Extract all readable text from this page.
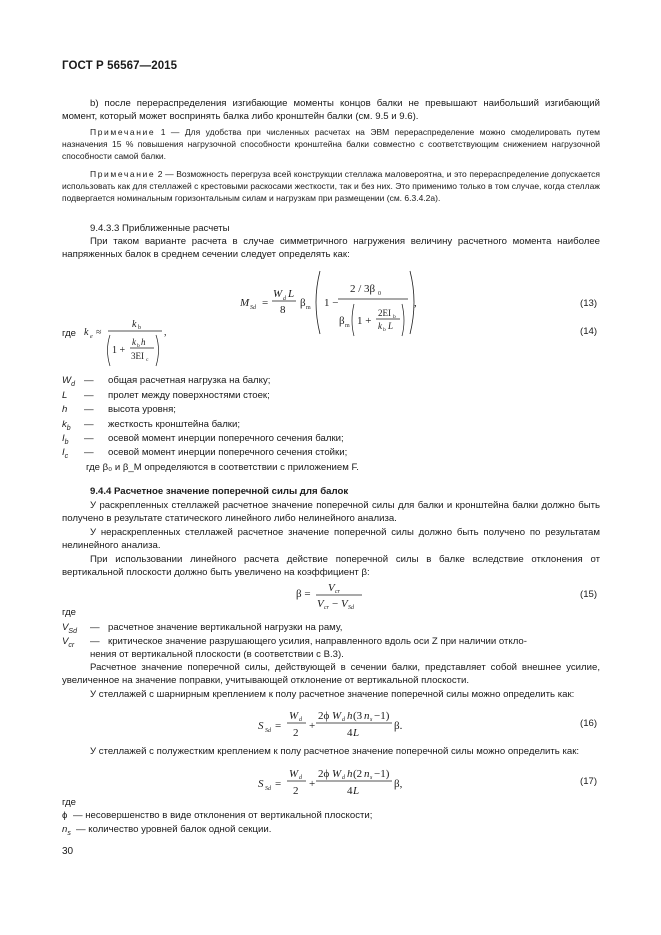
ГОСТ Р 56567—2015
b) после перераспределения изгибающие моменты концов балки не превышают наибольший изгибающий момент, который может воспринять балка либо кронштейн балки (см. 9.5 и 9.6).
Примечание 1 — Для удобства при численных расчетах на ЭВМ перераспределение можно смоделировать путем назначения 15 % повышения нагрузочной способности кронштейна балки совместно с соответствующим снижением нагрузочной способности самой балки.
Примечание 2 — Возможность перегруза всей конструкции стеллажа маловероятна, и это перераспределение допускается использовать как для стеллажей с крестовыми раскосами жесткости, так и без них. Это применимо только в том случае, когда стеллаж подвергается номинальным горизонтальным силам и нагрузкам при размещении (см. 6.3.4.2а).
9.4.3.3 Приближенные расчеты
При таком варианте расчета в случае симметричного нагружения величину расчетного момента наиболее напряженных балок в среднем сечении следует определять как:
M Sd =
W d L
8
β m 1 −
2 / 3β 0
β m 1 +
2EI b
k b L
,	(13)
где k e ≈
k b
1 +
k b h
3EI c
,	(14)
$W_d$ — общая расчетная нагрузка на балку;
L — пролет между поверхностями стоек;
h — высота уровня;
$k_b$ — жесткость кронштейна балки;
$I_b$ — осевой момент инерции поперечного сечения балки;
$I_c$ — осевой момент инерции поперечного сечения стойки;
где β₀ и β_M определяются в соответствии с приложением F.
9.4.4 Расчетное значение поперечной силы для балок
У раскрепленных стеллажей расчетное значение поперечной силы для балки и кронштейна балки должно быть получено в результате статического линейного либо нелинейного анализа.
У нераскрепленных стеллажей расчетное значение поперечной силы должно быть получено по результатам нелинейного анализа.
При использовании линейного расчета действие поперечной силы в балке вследствие отклонения от вертикальной плоскости должно быть увеличено на коэффициент β:
β = V cr
V cr − V Sd
(15)
где
$V_{Sd}$ — расчетное значение вертикальной нагрузки на раму,
$V_{cr}$ — критическое значение разрушающего усилия, направленного вдоль оси Z при наличии откло-
нения от вертикальной плоскости (в соответствии с B.3).
Расчетное значение поперечной силы, действующей в сечении балки, представляет собой внешнее усилие, увеличенное на значение поправки, учитывающей отклонение от вертикальной плоскости.
У стеллажей с шарнирным креплением к полу расчетное значение поперечной силы можно определить как:
S Sd =
W d
2
+
2ϕ W d h (3 n s −1)
4 L
β.	(16)
У стеллажей с полужестким креплением к полу расчетное значение поперечной силы можно определить как:
S Sd =
W d
2
+
2ϕ W d h (2 n s −1)
4 L
β,	(17)
где
ϕ — несовершенство в виде отклонения от вертикальной плоскости;
$n_s$ — количество уровней балок одной секции.
30
